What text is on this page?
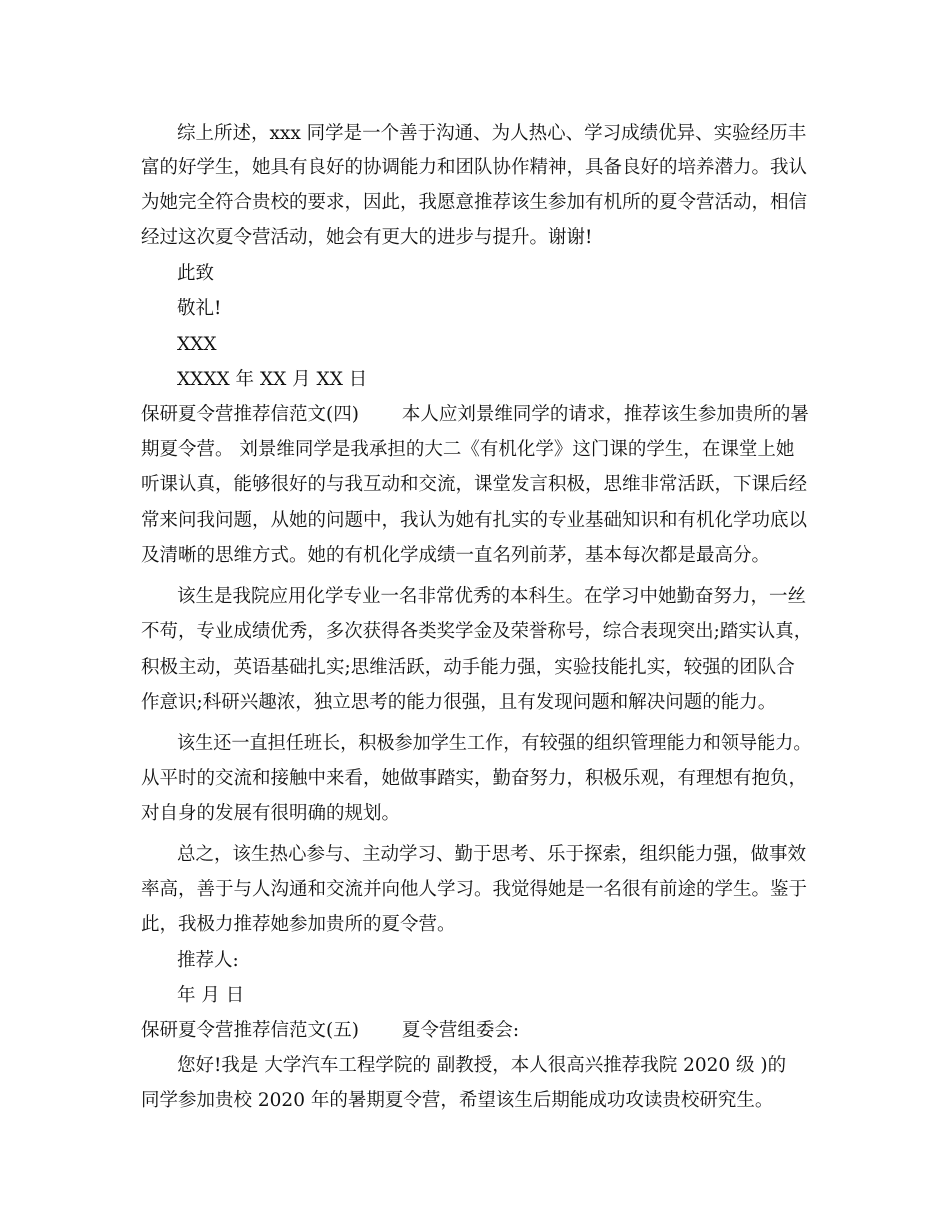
综上所述，xxx 同学是一个善于沟通、为人热心、学习成绩优异、实验经历丰
富的好学生，她具有良好的协调能力和团队协作精神，具备良好的培养潜力。我认
为她完全符合贵校的要求，因此，我愿意推荐该生参加有机所的夏令营活动，相信
经过这次夏令营活动，她会有更大的进步与提升。谢谢!
此致
敬礼!
XXX
XXXX 年 XX 月 XX 日
保研夏令营推荐信范文(四)　　 本人应刘景维同学的请求，推荐该生参加贵所的暑
期夏令营。 刘景维同学是我承担的大二《有机化学》这门课的学生，在课堂上她
听课认真，能够很好的与我互动和交流，课堂发言积极，思维非常活跃，下课后经
常来问我问题，从她的问题中，我认为她有扎实的专业基础知识和有机化学功底以
及清晰的思维方式。她的有机化学成绩一直名列前茅，基本每次都是最高分。
该生是我院应用化学专业一名非常优秀的本科生。在学习中她勤奋努力，一丝
不苟，专业成绩优秀，多次获得各类奖学金及荣誉称号，综合表现突出;踏实认真，
积极主动，英语基础扎实;思维活跃，动手能力强，实验技能扎实，较强的团队合
作意识;科研兴趣浓，独立思考的能力很强，且有发现问题和解决问题的能力。
该生还一直担任班长，积极参加学生工作，有较强的组织管理能力和领导能力。
从平时的交流和接触中来看，她做事踏实，勤奋努力，积极乐观，有理想有抱负，
对自身的发展有很明确的规划。
总之，该生热心参与、主动学习、勤于思考、乐于探索，组织能力强，做事效
率高，善于与人沟通和交流并向他人学习。我觉得她是一名很有前途的学生。鉴于
此，我极力推荐她参加贵所的夏令营。
推荐人:
年 月 日
保研夏令营推荐信范文(五)　　 夏令营组委会:
您好!我是 大学汽车工程学院的 副教授，本人很高兴推荐我院 2020 级 )的
同学参加贵校 2020 年的暑期夏令营，希望该生后期能成功攻读贵校研究生。
